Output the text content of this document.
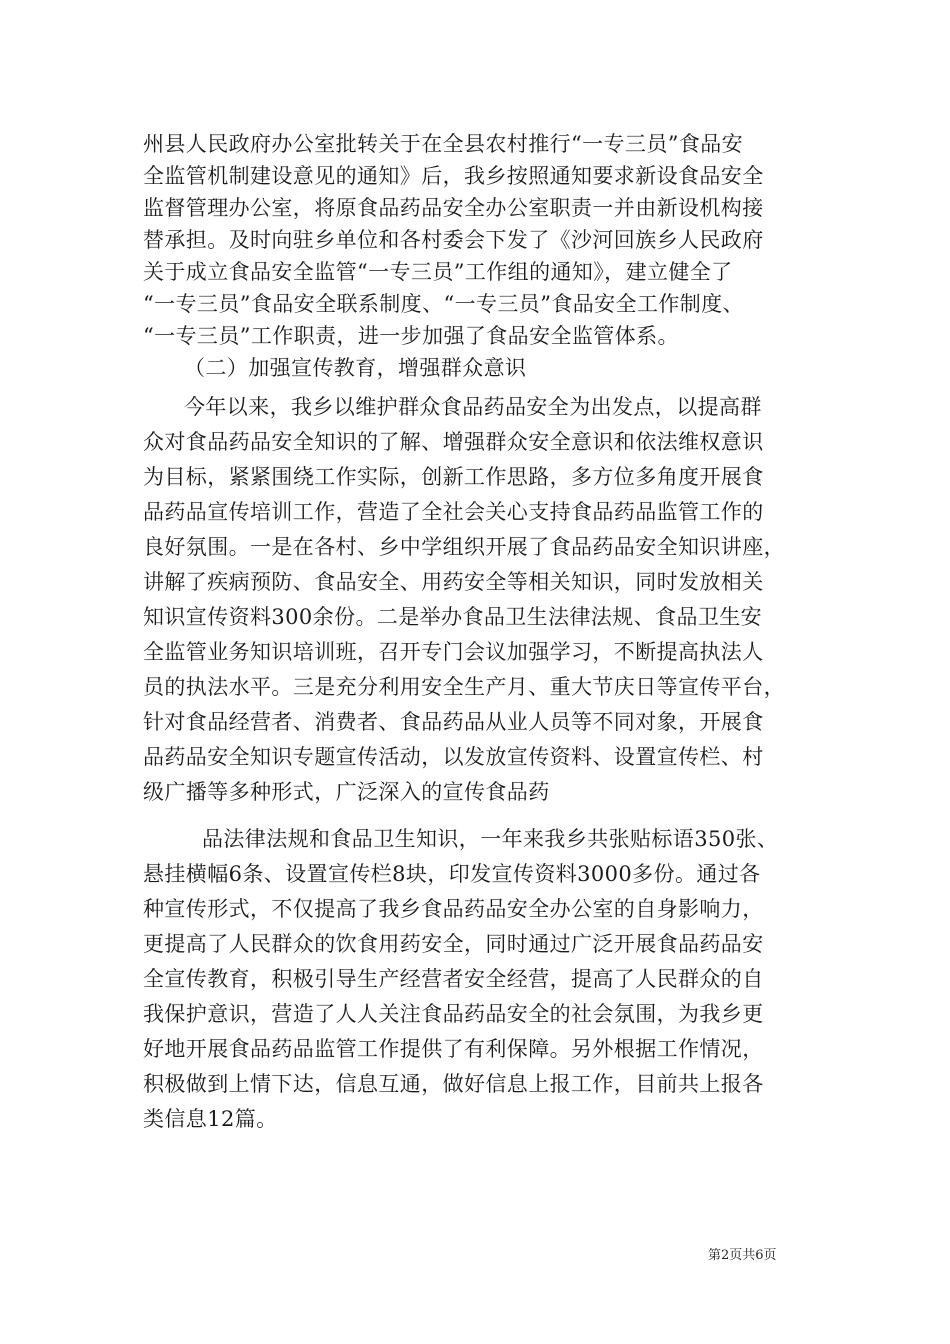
州县人民政府办公室批转关于在全县农村推行“一专三员”食品安
全监管机制建设意见的通知》后，我乡按照通知要求新设食品安全
监督管理办公室，将原食品药品安全办公室职责一并由新设机构接
替承担。及时向驻乡单位和各村委会下发了《沙河回族乡人民政府
关于成立食品安全监管“一专三员”工作组的通知》，建立健全了
“一专三员”食品安全联系制度、“一专三员”食品安全工作制度、
“一专三员”工作职责，进一步加强了食品安全监管体系。
（二）加强宣传教育，增强群众意识
今年以来，我乡以维护群众食品药品安全为出发点，以提高群
众对食品药品安全知识的了解、增强群众安全意识和依法维权意识
为目标，紧紧围绕工作实际，创新工作思路，多方位多角度开展食
品药品宣传培训工作，营造了全社会关心支持食品药品监管工作的
良好氛围。一是在各村、乡中学组织开展了食品药品安全知识讲座，
讲解了疾病预防、食品安全、用药安全等相关知识，同时发放相关
知识宣传资料300余份。二是举办食品卫生法律法规、食品卫生安
全监管业务知识培训班，召开专门会议加强学习，不断提高执法人
员的执法水平。三是充分利用安全生产月、重大节庆日等宣传平台，
针对食品经营者、消费者、食品药品从业人员等不同对象，开展食
品药品安全知识专题宣传活动，以发放宣传资料、设置宣传栏、村
级广播等多种形式，广泛深入的宣传食品药
品法律法规和食品卫生知识，一年来我乡共张贴标语350张、
悬挂横幅6条、设置宣传栏8块，印发宣传资料3000多份。通过各
种宣传形式，不仅提高了我乡食品药品安全办公室的自身影响力，
更提高了人民群众的饮食用药安全，同时通过广泛开展食品药品安
全宣传教育，积极引导生产经营者安全经营，提高了人民群众的自
我保护意识，营造了人人关注食品药品安全的社会氛围，为我乡更
好地开展食品药品监管工作提供了有利保障。另外根据工作情况，
积极做到上情下达，信息互通，做好信息上报工作，目前共上报各
类信息12篇。
第2页共6页
